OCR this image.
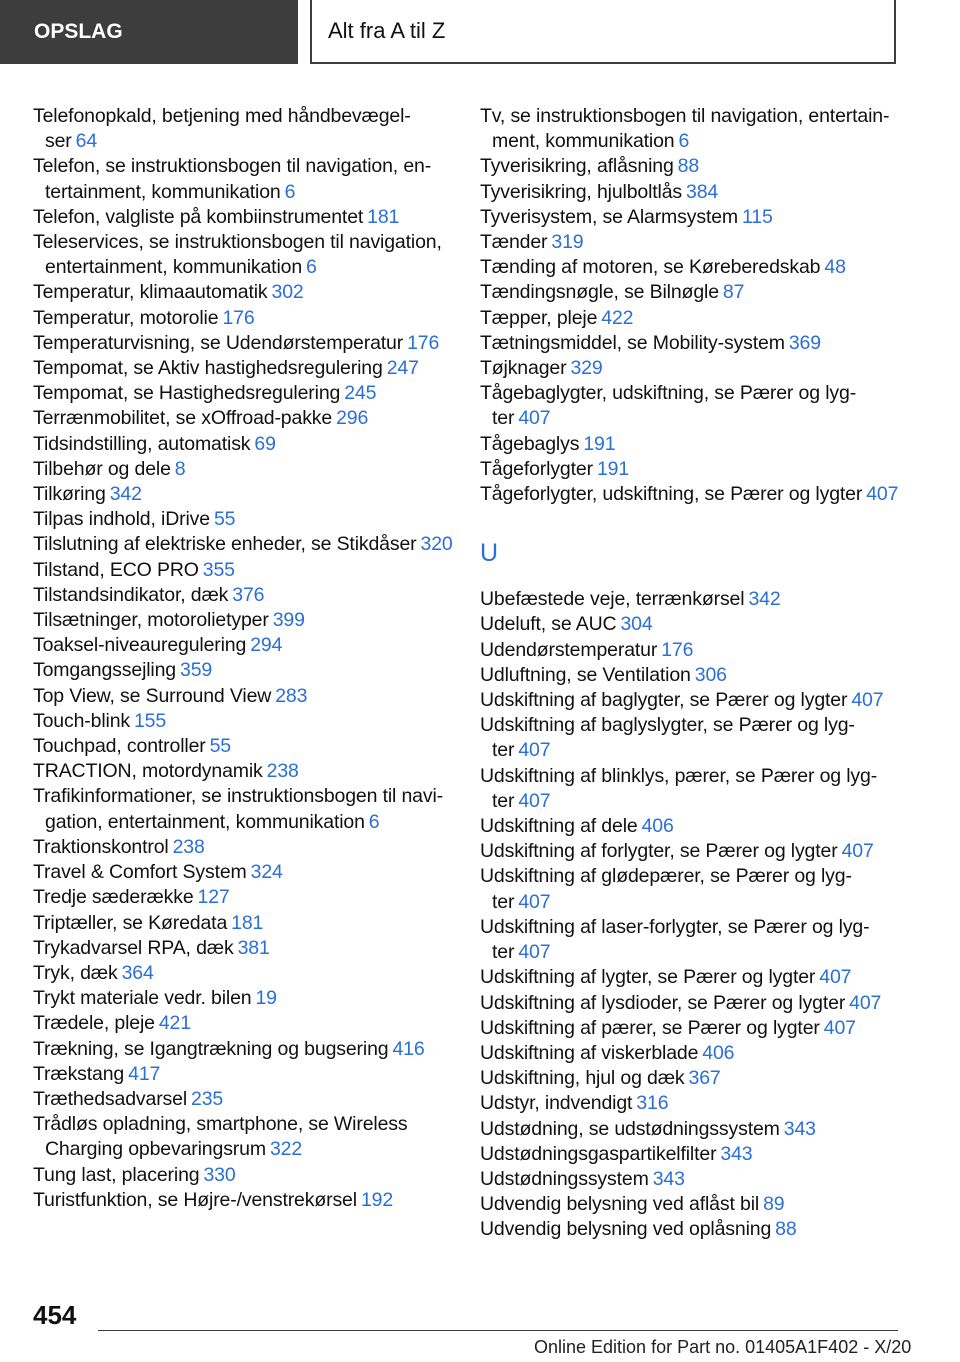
OPSLAG	Alt fra A til Z
Telefonopkald, betjening med håndbevægelser 64
Telefon, se instruktionsbogen til navigation, entertainment, kommunikation 6
Telefon, valgliste på kombiinstrumentet 181
Teleservices, se instruktionsbogen til navigation, entertainment, kommunikation 6
Temperatur, klimaautomatik 302
Temperatur, motorolie 176
Temperaturvisning, se Udendørstemperatur 176
Tempomat, se Aktiv hastighedsregulering 247
Tempomat, se Hastighedsregulering 245
Terrænmobilitet, se xOffroad-pakke 296
Tidsindstilling, automatisk 69
Tilbehør og dele 8
Tilkøring 342
Tilpas indhold, iDrive 55
Tilslutning af elektriske enheder, se Stikdåser 320
Tilstand, ECO PRO 355
Tilstandsindikator, dæk 376
Tilsætninger, motorolietyper 399
Toaksel-niveauregulering 294
Tomgangssejling 359
Top View, se Surround View 283
Touch-blink 155
Touchpad, controller 55
TRACTION, motordynamik 238
Trafikinformationer, se instruktionsbogen til navigation, entertainment, kommunikation 6
Traktionskontrol 238
Travel & Comfort System 324
Tredje sæderække 127
Triptæller, se Køredata 181
Trykadvarsel RPA, dæk 381
Tryk, dæk 364
Trykt materiale vedr. bilen 19
Trædele, pleje 421
Trækning, se Igangtrækning og bugsering 416
Trækstang 417
Træthedsadvarsel 235
Trådløs opladning, smartphone, se Wireless Charging opbevaringsrum 322
Tung last, placering 330
Turistfunktion, se Højre-/venstrekørsel 192
Tv, se instruktionsbogen til navigation, entertainment, kommunikation 6
Tyverisikring, aflåsning 88
Tyverisikring, hjulboltlås 384
Tyverisystem, se Alarmsystem 115
Tænder 319
Tænding af motoren, se Køreberedskab 48
Tændingsnøgle, se Bilnøgle 87
Tæpper, pleje 422
Tætningsmiddel, se Mobility-system 369
Tøjknager 329
Tågebaglygter, udskiftning, se Pærer og lygter 407
Tågebaglys 191
Tågeforlygter 191
Tågeforlygter, udskiftning, se Pærer og lygter 407
U
Ubefæstede veje, terrænkørsel 342
Udeluft, se AUC 304
Udendørstemperatur 176
Udluftning, se Ventilation 306
Udskiftning af baglygter, se Pærer og lygter 407
Udskiftning af baglyslygter, se Pærer og lygter 407
Udskiftning af blinklys, pærer, se Pærer og lygter 407
Udskiftning af dele 406
Udskiftning af forlygter, se Pærer og lygter 407
Udskiftning af glødepærer, se Pærer og lygter 407
Udskiftning af laser-forlygter, se Pærer og lygter 407
Udskiftning af lygter, se Pærer og lygter 407
Udskiftning af lysdioder, se Pærer og lygter 407
Udskiftning af pærer, se Pærer og lygter 407
Udskiftning af viskerblade 406
Udskiftning, hjul og dæk 367
Udstyr, indvendigt 316
Udstødning, se udstødningssystem 343
Udstødningsgaspartikelfilter 343
Udstødningssystem 343
Udvendig belysning ved aflåst bil 89
Udvendig belysning ved oplåsning 88
454
Online Edition for Part no. 01405A1F402 - X/20
